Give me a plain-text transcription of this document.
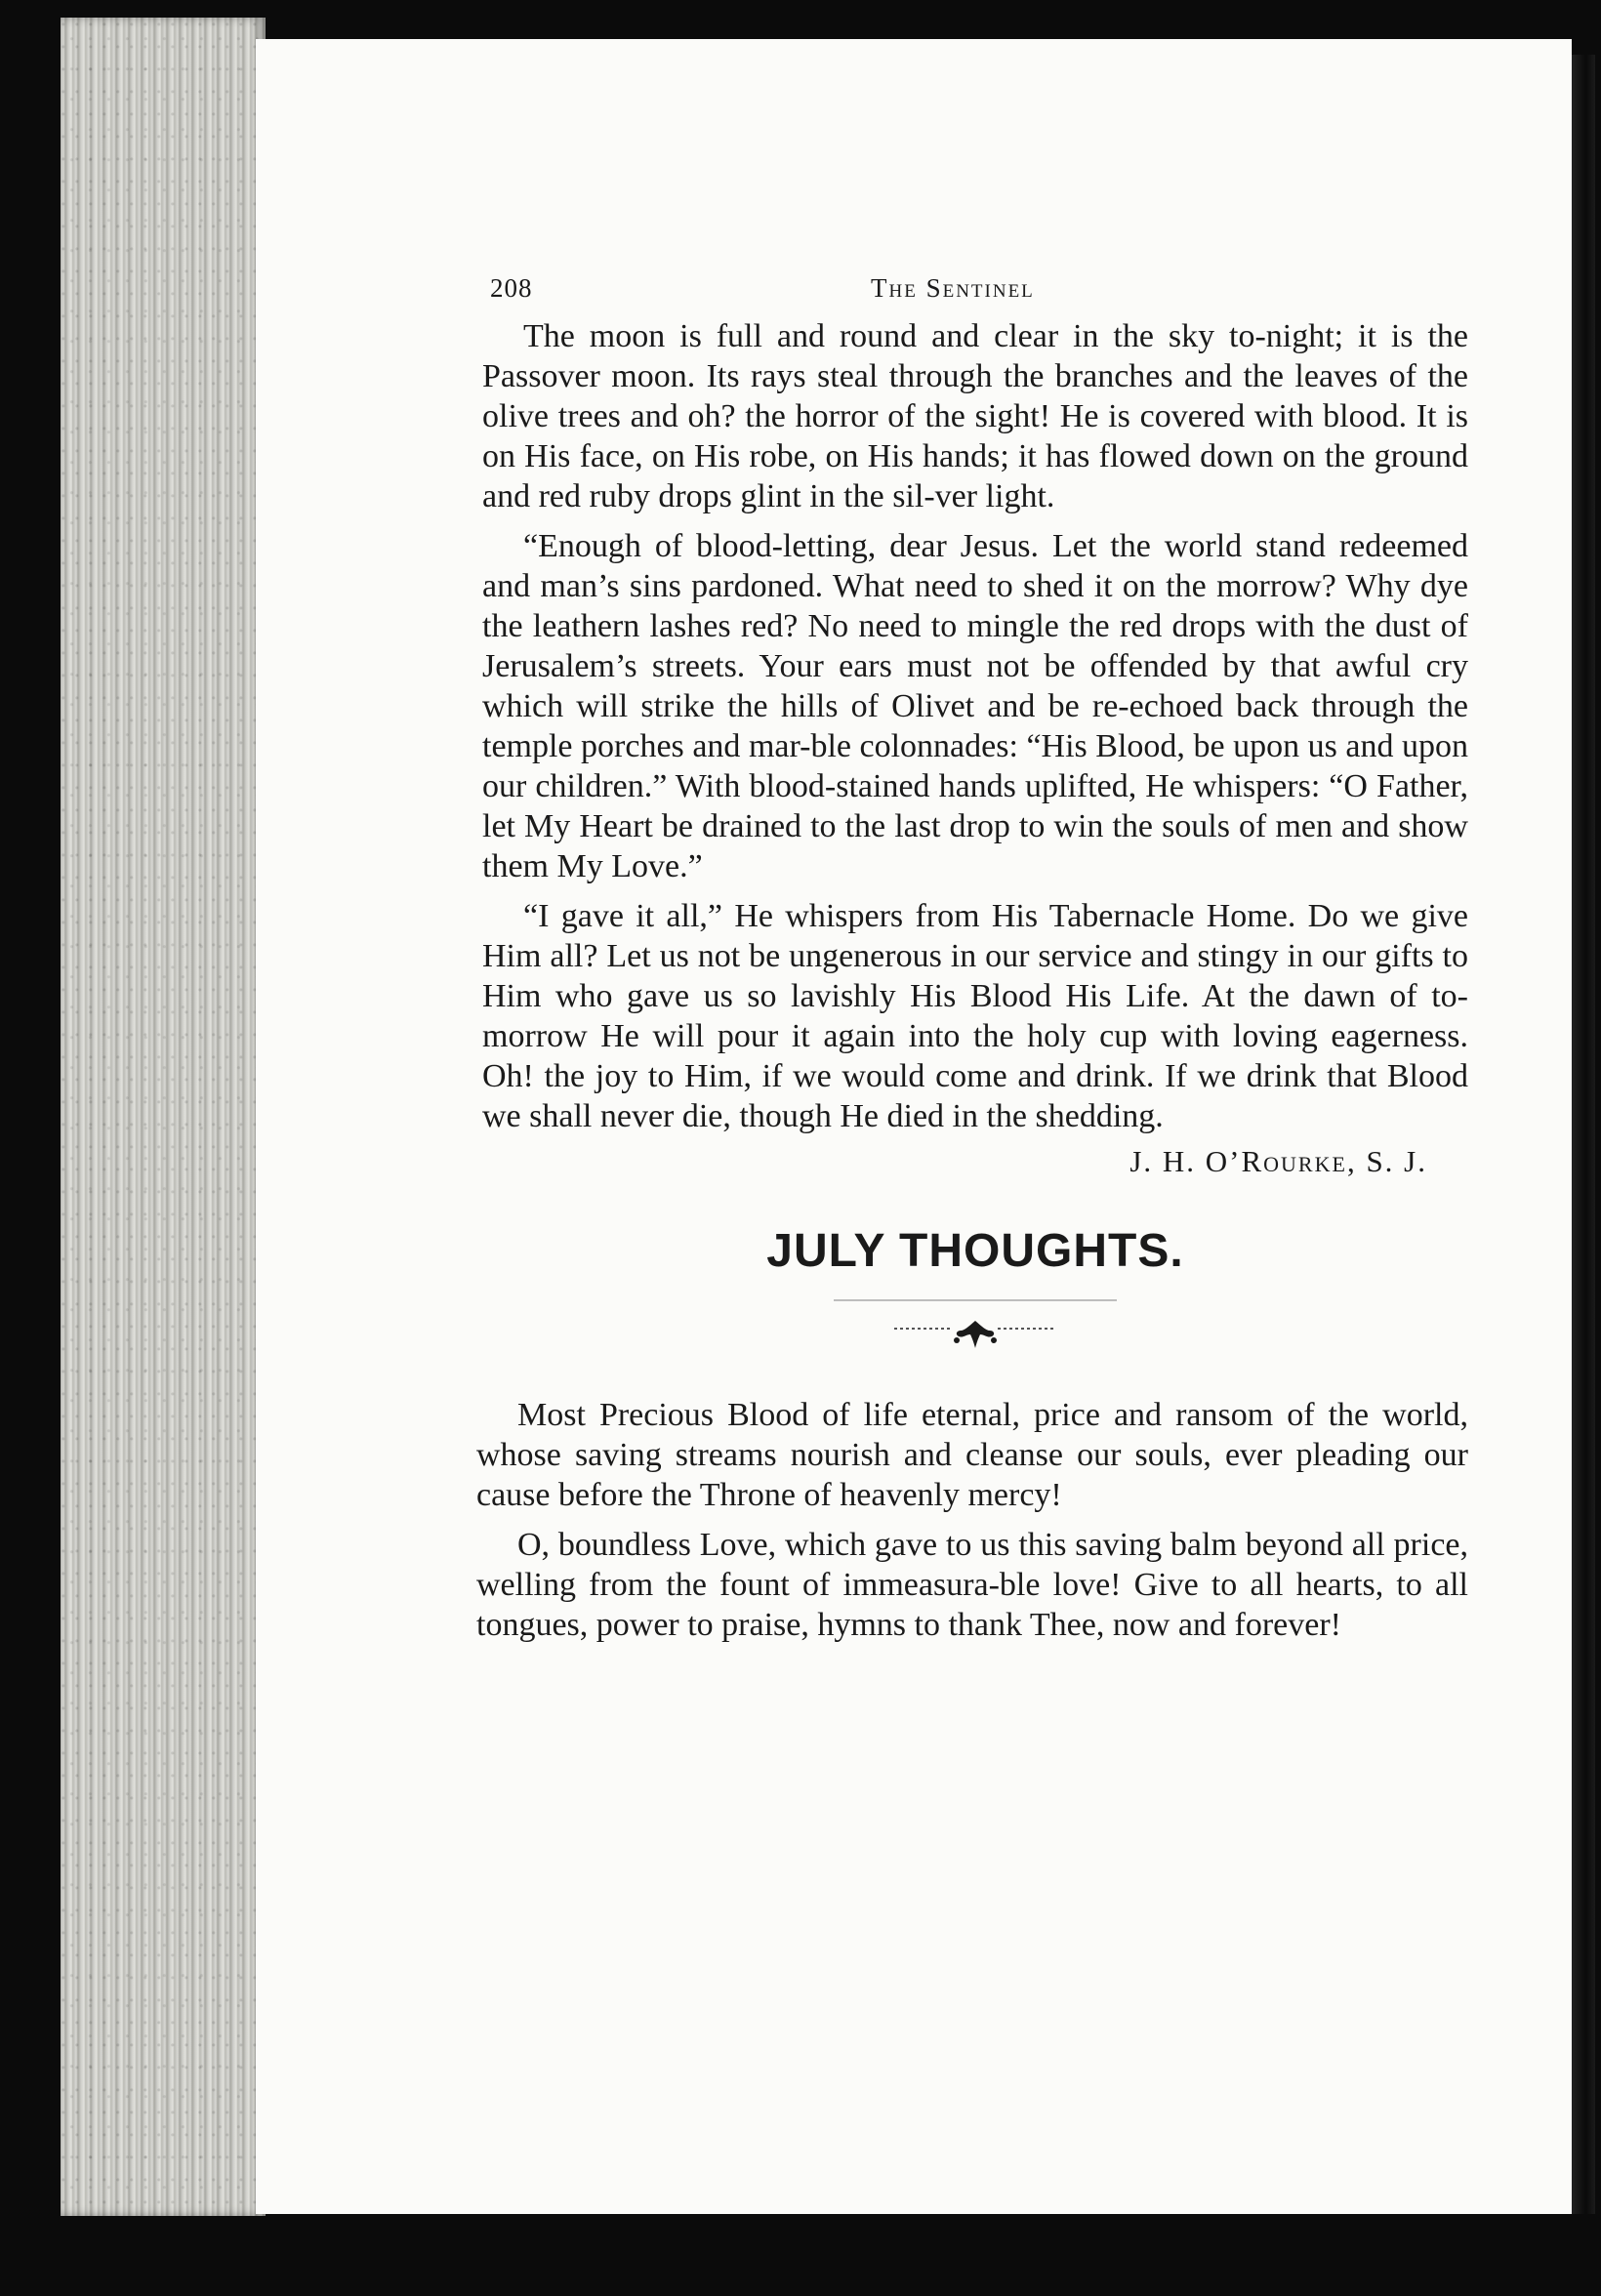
208	The Sentinel

The moon is full and round and clear in the sky to-night; it is the Passover moon. Its rays steal through the branches and the leaves of the olive trees and oh? the horror of the sight! He is covered with blood. It is on His face, on His robe, on His hands; it has flowed down on the ground and red ruby drops glint in the sil-ver light.

“Enough of blood-letting, dear Jesus. Let the world stand redeemed and man’s sins pardoned. What need to shed it on the morrow? Why dye the leathern lashes red? No need to mingle the red drops with the dust of Jerusalem’s streets. Your ears must not be offended by that awful cry which will strike the hills of Olivet and be re-echoed back through the temple porches and mar-ble colonnades: “His Blood, be upon us and upon our children.” With blood-stained hands uplifted, He whispers: “O Father, let My Heart be drained to the last drop to win the souls of men and show them My Love.”

“I gave it all,” He whispers from His Tabernacle Home. Do we give Him all? Let us not be ungenerous in our service and stingy in our gifts to Him who gave us so lavishly His Blood His Life. At the dawn of to-morrow He will pour it again into the holy cup with loving eagerness. Oh! the joy to Him, if we would come and drink. If we drink that Blood we shall never die, though He died in the shedding.

J. H. O’Rourke, S. J.
JULY THOUGHTS.

Most Precious Blood of life eternal, price and ransom of the world, whose saving streams nourish and cleanse our souls, ever pleading our cause before the Throne of heavenly mercy!

O, boundless Love, which gave to us this saving balm beyond all price, welling from the fount of immeasura-ble love! Give to all hearts, to all tongues, power to praise, hymns to thank Thee, now and forever!
